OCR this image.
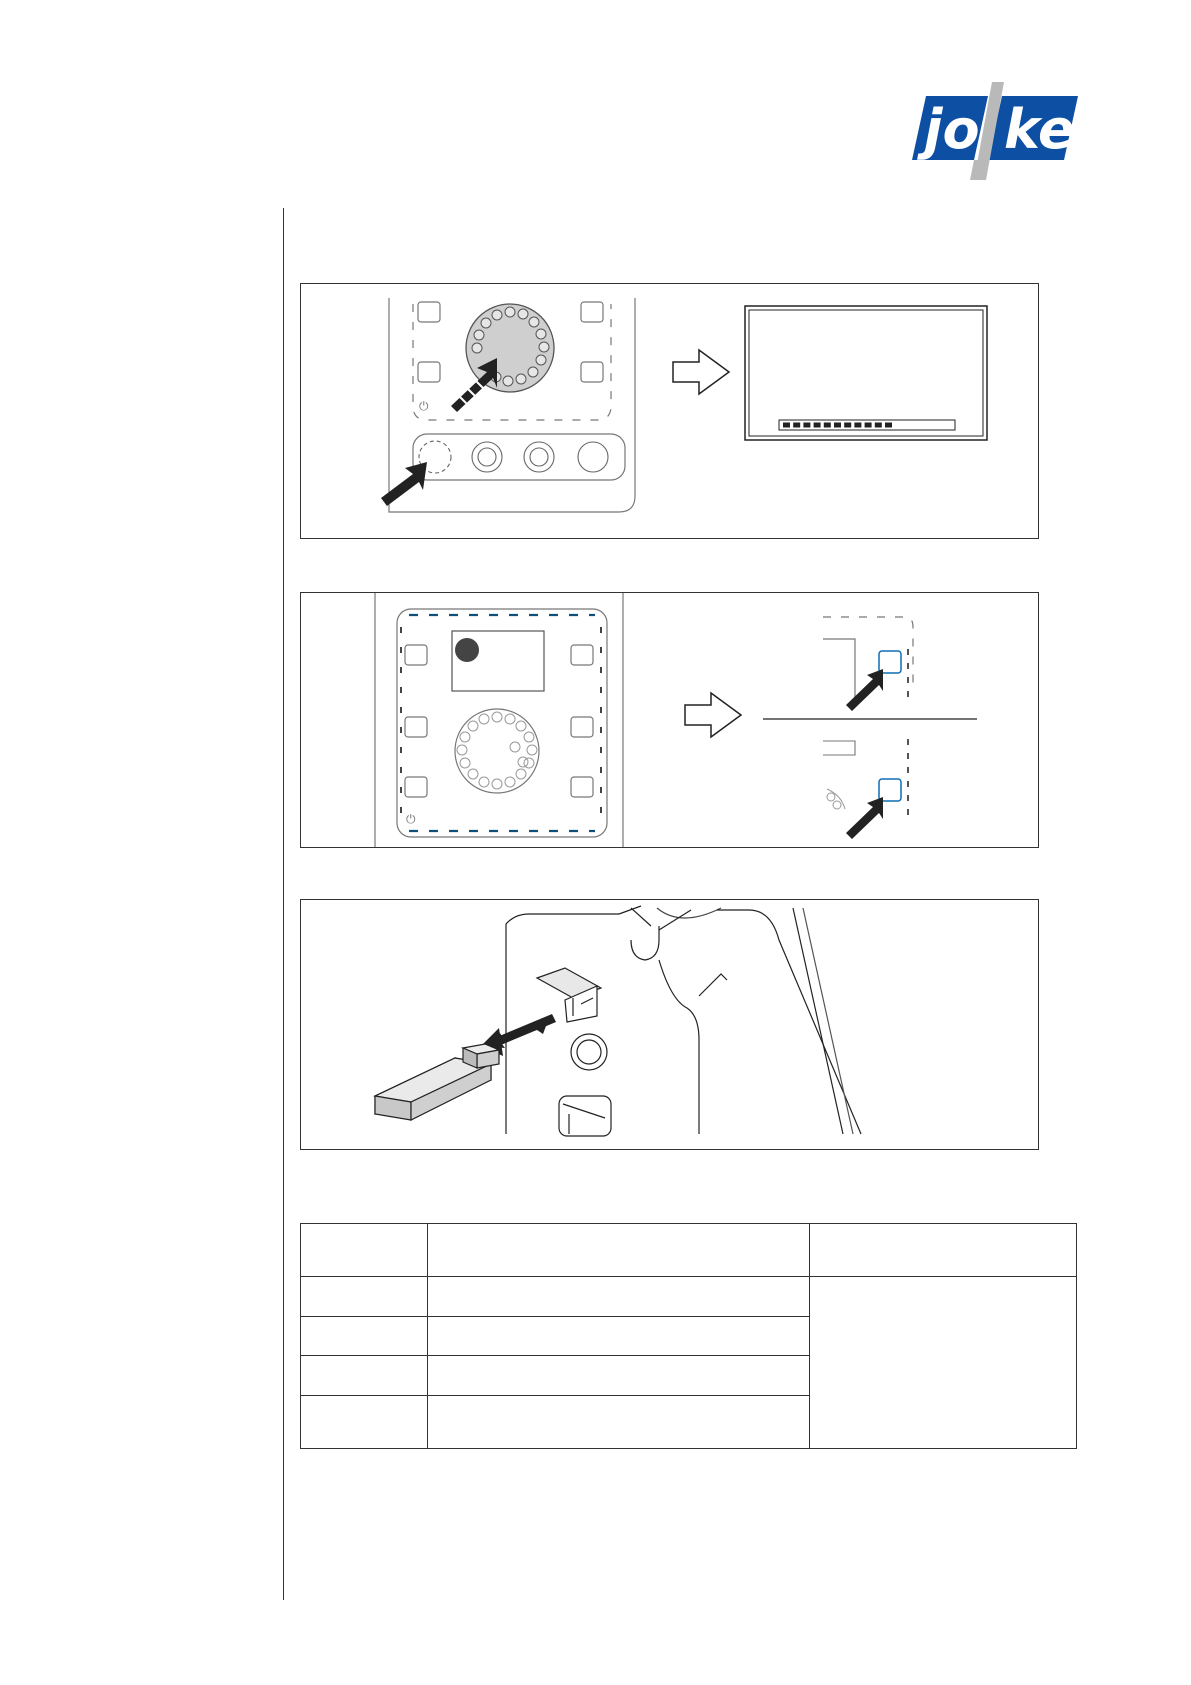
jo ke
⏻
⏻
